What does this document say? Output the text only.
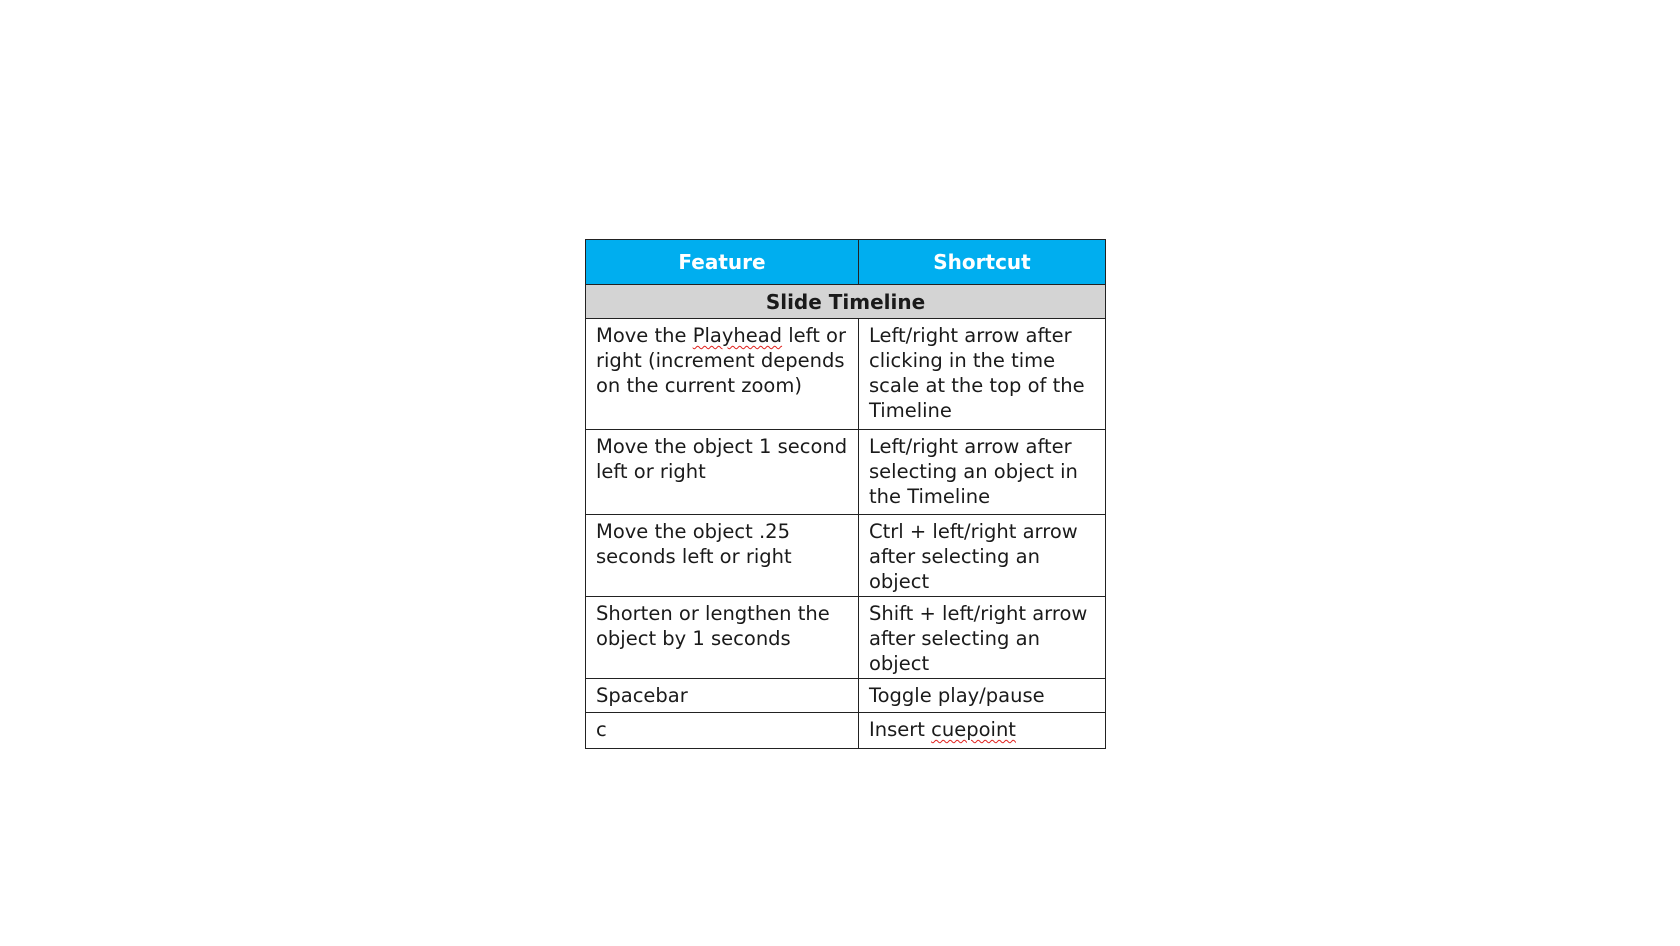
Feature	Shortcut
Slide Timeline	
Move the Playhead left or right (increment depends on the current zoom)	Left/right arrow after clicking in the time scale at the top of the Timeline
Move the object 1 second left or right	Left/right arrow after selecting an object in the Timeline
Move the object .25 seconds left or right	Ctrl + left/right arrow after selecting an object
Shorten or lengthen the object by 1 seconds	Shift + left/right arrow after selecting an object
Spacebar	Toggle play/pause
c	Insert cuepoint
